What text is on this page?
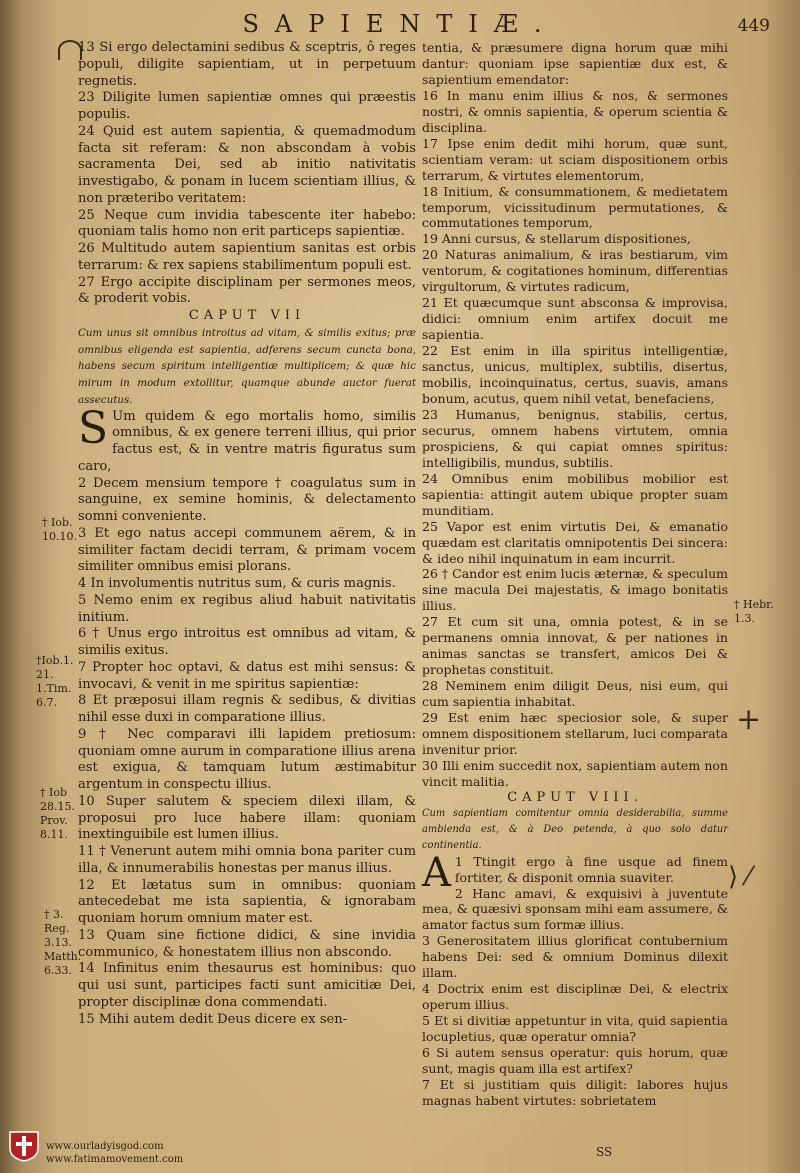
SAPIENTIÆ.	449

13 Si ergo delectamini sedibus & sceptris, ô reges populi, diligite sapientiam, ut in perpetuum regnetis.

23 Diligite lumen sapientiæ omnes qui præestis populis.

24 Quid est autem sapientia, & quemadmodum facta sit referam: & non abscondam à vobis sacramenta Dei, sed ab initio nativitatis investigabo, & ponam in lucem scientiam illius, & non præteribo veritatem:

25 Neque cum invidia tabescente iter habebo: quoniam talis homo non erit particeps sapientiæ.

26 Multitudo autem sapientium sanitas est orbis terrarum: & rex sapiens stabilimentum populi est.

27 Ergo accipite disciplinam per sermones meos, & proderit vobis.

CAPUT VII

Cum unus sit omnibus introitus ad vitam, & similis exitus; præ omnibus eligenda est sapientia, adferens secum cuncta bona, habens secum spiritum intelligentiæ multiplicem; & quæ hic mirum in modum extollitur, quamque abunde auctor fuerat assecutus.

S Um quidem & ego mortalis homo, similis omnibus, & ex genere terreni illius, qui prior factus est, & in ventre matris figuratus sum caro,

2 Decem mensium tempore † coagulatus sum in sanguine, ex semine hominis, & delectamento somni conveniente.

3 Et ego natus accepi communem aërem, & in similiter factam decidi terram, & primam vocem similiter omnibus emisi plorans.

4 In involumentis nutritus sum, & curis magnis.

5 Nemo enim ex regibus aliud habuit nativitatis initium.

6 † Unus ergo introitus est omnibus ad vitam, & similis exitus.

7 Propter hoc optavi, & datus est mihi sensus: & invocavi, & venit in me spiritus sapientiæ:

8 Et præposui illam regnis & sedibus, & divitias nihil esse duxi in comparatione illius.

9 † Nec comparavi illi lapidem pretiosum: quoniam omne aurum in comparatione illius arena est exigua, & tamquam lutum æstimabitur argentum in conspectu illius.

10 Super salutem & speciem dilexi illam, & proposui pro luce habere illam: quoniam inextinguibile est lumen illius.

11 † Venerunt autem mihi omnia bona pariter cum illa, & innumerabilis honestas per manus illius.

12 Et lætatus sum in omnibus: quoniam antecedebat me ista sapientia, & ignorabam quoniam horum omnium mater est.

13 Quam sine fictione didici, & sine invidia communico, & honestatem illius non abscondo.

14 Infinitus enim thesaurus est hominibus: quo qui usi sunt, participes facti sunt amicitiæ Dei, propter disciplinæ dona commendati.

15 Mihi autem dedit Deus dicere ex sen-

tentia, & præsumere digna horum quæ mihi dantur: quoniam ipse sapientiæ dux est, & sapientium emendator:

16 In manu enim illius & nos, & sermones nostri, & omnis sapientia, & operum scientia & disciplina.

17 Ipse enim dedit mihi horum, quæ sunt, scientiam veram: ut sciam dispositionem orbis terrarum, & virtutes elementorum,

18 Initium, & consummationem, & medietatem temporum, vicissitudinum permutationes, & commutationes temporum,

19 Anni cursus, & stellarum dispositiones,

20 Naturas animalium, & iras bestiarum, vim ventorum, & cogitationes hominum, differentias virgultorum, & virtutes radicum,

21 Et quæcumque sunt absconsa & improvisa, didici: omnium enim artifex docuit me sapientia.

22 Est enim in illa spiritus intelligentiæ, sanctus, unicus, multiplex, subtilis, disertus, mobilis, incoinquinatus, certus, suavis, amans bonum, acutus, quem nihil vetat, benefaciens,

23 Humanus, benignus, stabilis, certus, securus, omnem habens virtutem, omnia prospiciens, & qui capiat omnes spiritus: intelligibilis, mundus, subtilis.

24 Omnibus enim mobilibus mobilior est sapientia: attingit autem ubique propter suam munditiam.

25 Vapor est enim virtutis Dei, & emanatio quædam est claritatis omnipotentis Dei sincera: & ideo nihil inquinatum in eam incurrit.

26 † Candor est enim lucis æternæ, & speculum sine macula Dei majestatis, & imago bonitatis illius.

27 Et cum sit una, omnia potest, & in se permanens omnia innovat, & per nationes in animas sanctas se transfert, amicos Dei & prophetas constituit.

28 Neminem enim diligit Deus, nisi eum, qui cum sapientia inhabitat.

29 Est enim hæc speciosior sole, & super omnem dispositionem stellarum, luci comparata invenitur prior.

30 Illi enim succedit nox, sapientiam autem non vincit malitia.

CAPUT VIII.

Cum sapientiam comitentur omnia desiderabilia, summe ambienda est, & à Deo petenda, à quo solo datur continentia.

A 1 Ttingit ergo à fine usque ad finem fortiter, & disponit omnia suaviter.

2 Hanc amavi, & exquisivi à juventute mea, & quæsivi sponsam mihi eam assumere, & amator factus sum formæ illius.

3 Generositatem illius glorificat contubernium habens Dei: sed & omnium Dominus dilexit illam.

4 Doctrix enim est disciplinæ Dei, & electrix operum illius.

5 Et si divitiæ appetuntur in vita, quid sapientia locupletius, quæ operatur omnia?

6 Si autem sensus operatur: quis horum, quæ sunt, magis quam illa est artifex?

7 Et si justitiam quis diligit: labores hujus magnas habent virtutes: sobrietatem

† Iob.
10.10.
†Iob.1.
21.
1.Tim.
6.7.
† Iob
28.15.
Prov.
8.11.
† 3.
Reg.
3.13.
Matth.
6.33.
† Hebr.
1.3.
+
⟩ ⁄
SS
www.ourladyisgod.com
www.fatimamovement.com
